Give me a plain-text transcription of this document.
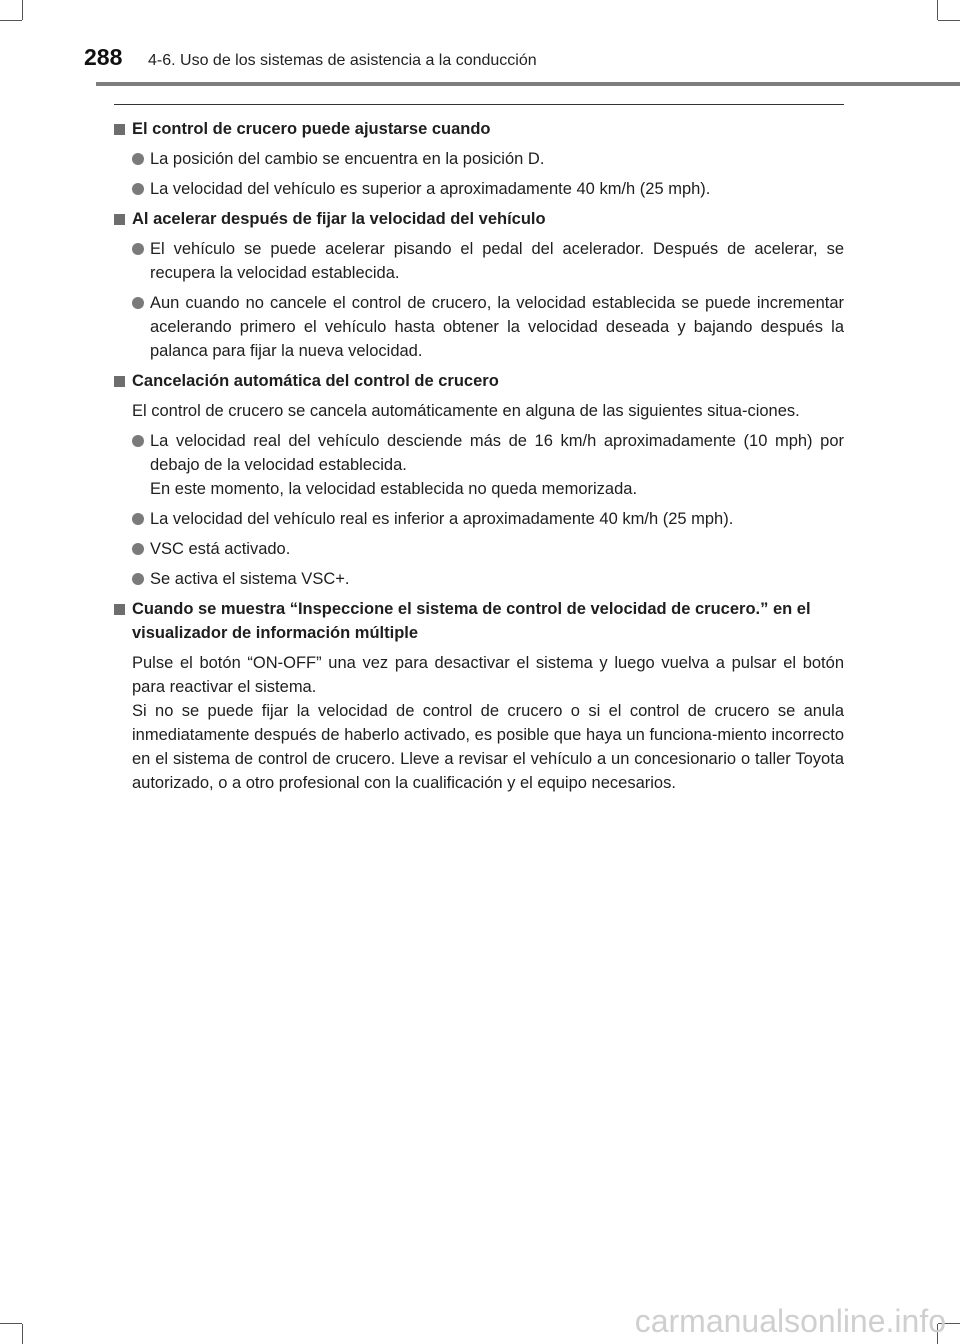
288 4-6. Uso de los sistemas de asistencia a la conducción
El control de crucero puede ajustarse cuando
La posición del cambio se encuentra en la posición D.
La velocidad del vehículo es superior a aproximadamente 40 km/h (25 mph).
Al acelerar después de fijar la velocidad del vehículo
El vehículo se puede acelerar pisando el pedal del acelerador. Después de acelerar, se recupera la velocidad establecida.
Aun cuando no cancele el control de crucero, la velocidad establecida se puede incrementar acelerando primero el vehículo hasta obtener la velocidad deseada y bajando después la palanca para fijar la nueva velocidad.
Cancelación automática del control de crucero
El control de crucero se cancela automáticamente en alguna de las siguientes situa-ciones.
La velocidad real del vehículo desciende más de 16 km/h aproximadamente (10 mph) por debajo de la velocidad establecida.
En este momento, la velocidad establecida no queda memorizada.
La velocidad del vehículo real es inferior a aproximadamente 40 km/h (25 mph).
VSC está activado.
Se activa el sistema VSC+.
Cuando se muestra “Inspeccione el sistema de control de velocidad de crucero.” en el visualizador de información múltiple
Pulse el botón “ON-OFF” una vez para desactivar el sistema y luego vuelva a pulsar el botón para reactivar el sistema.
Si no se puede fijar la velocidad de control de crucero o si el control de crucero se anula inmediatamente después de haberlo activado, es posible que haya un funciona-miento incorrecto en el sistema de control de crucero. Lleve a revisar el vehículo a un concesionario o taller Toyota autorizado, o a otro profesional con la cualificación y el equipo necesarios.
carmanualsonline.info
